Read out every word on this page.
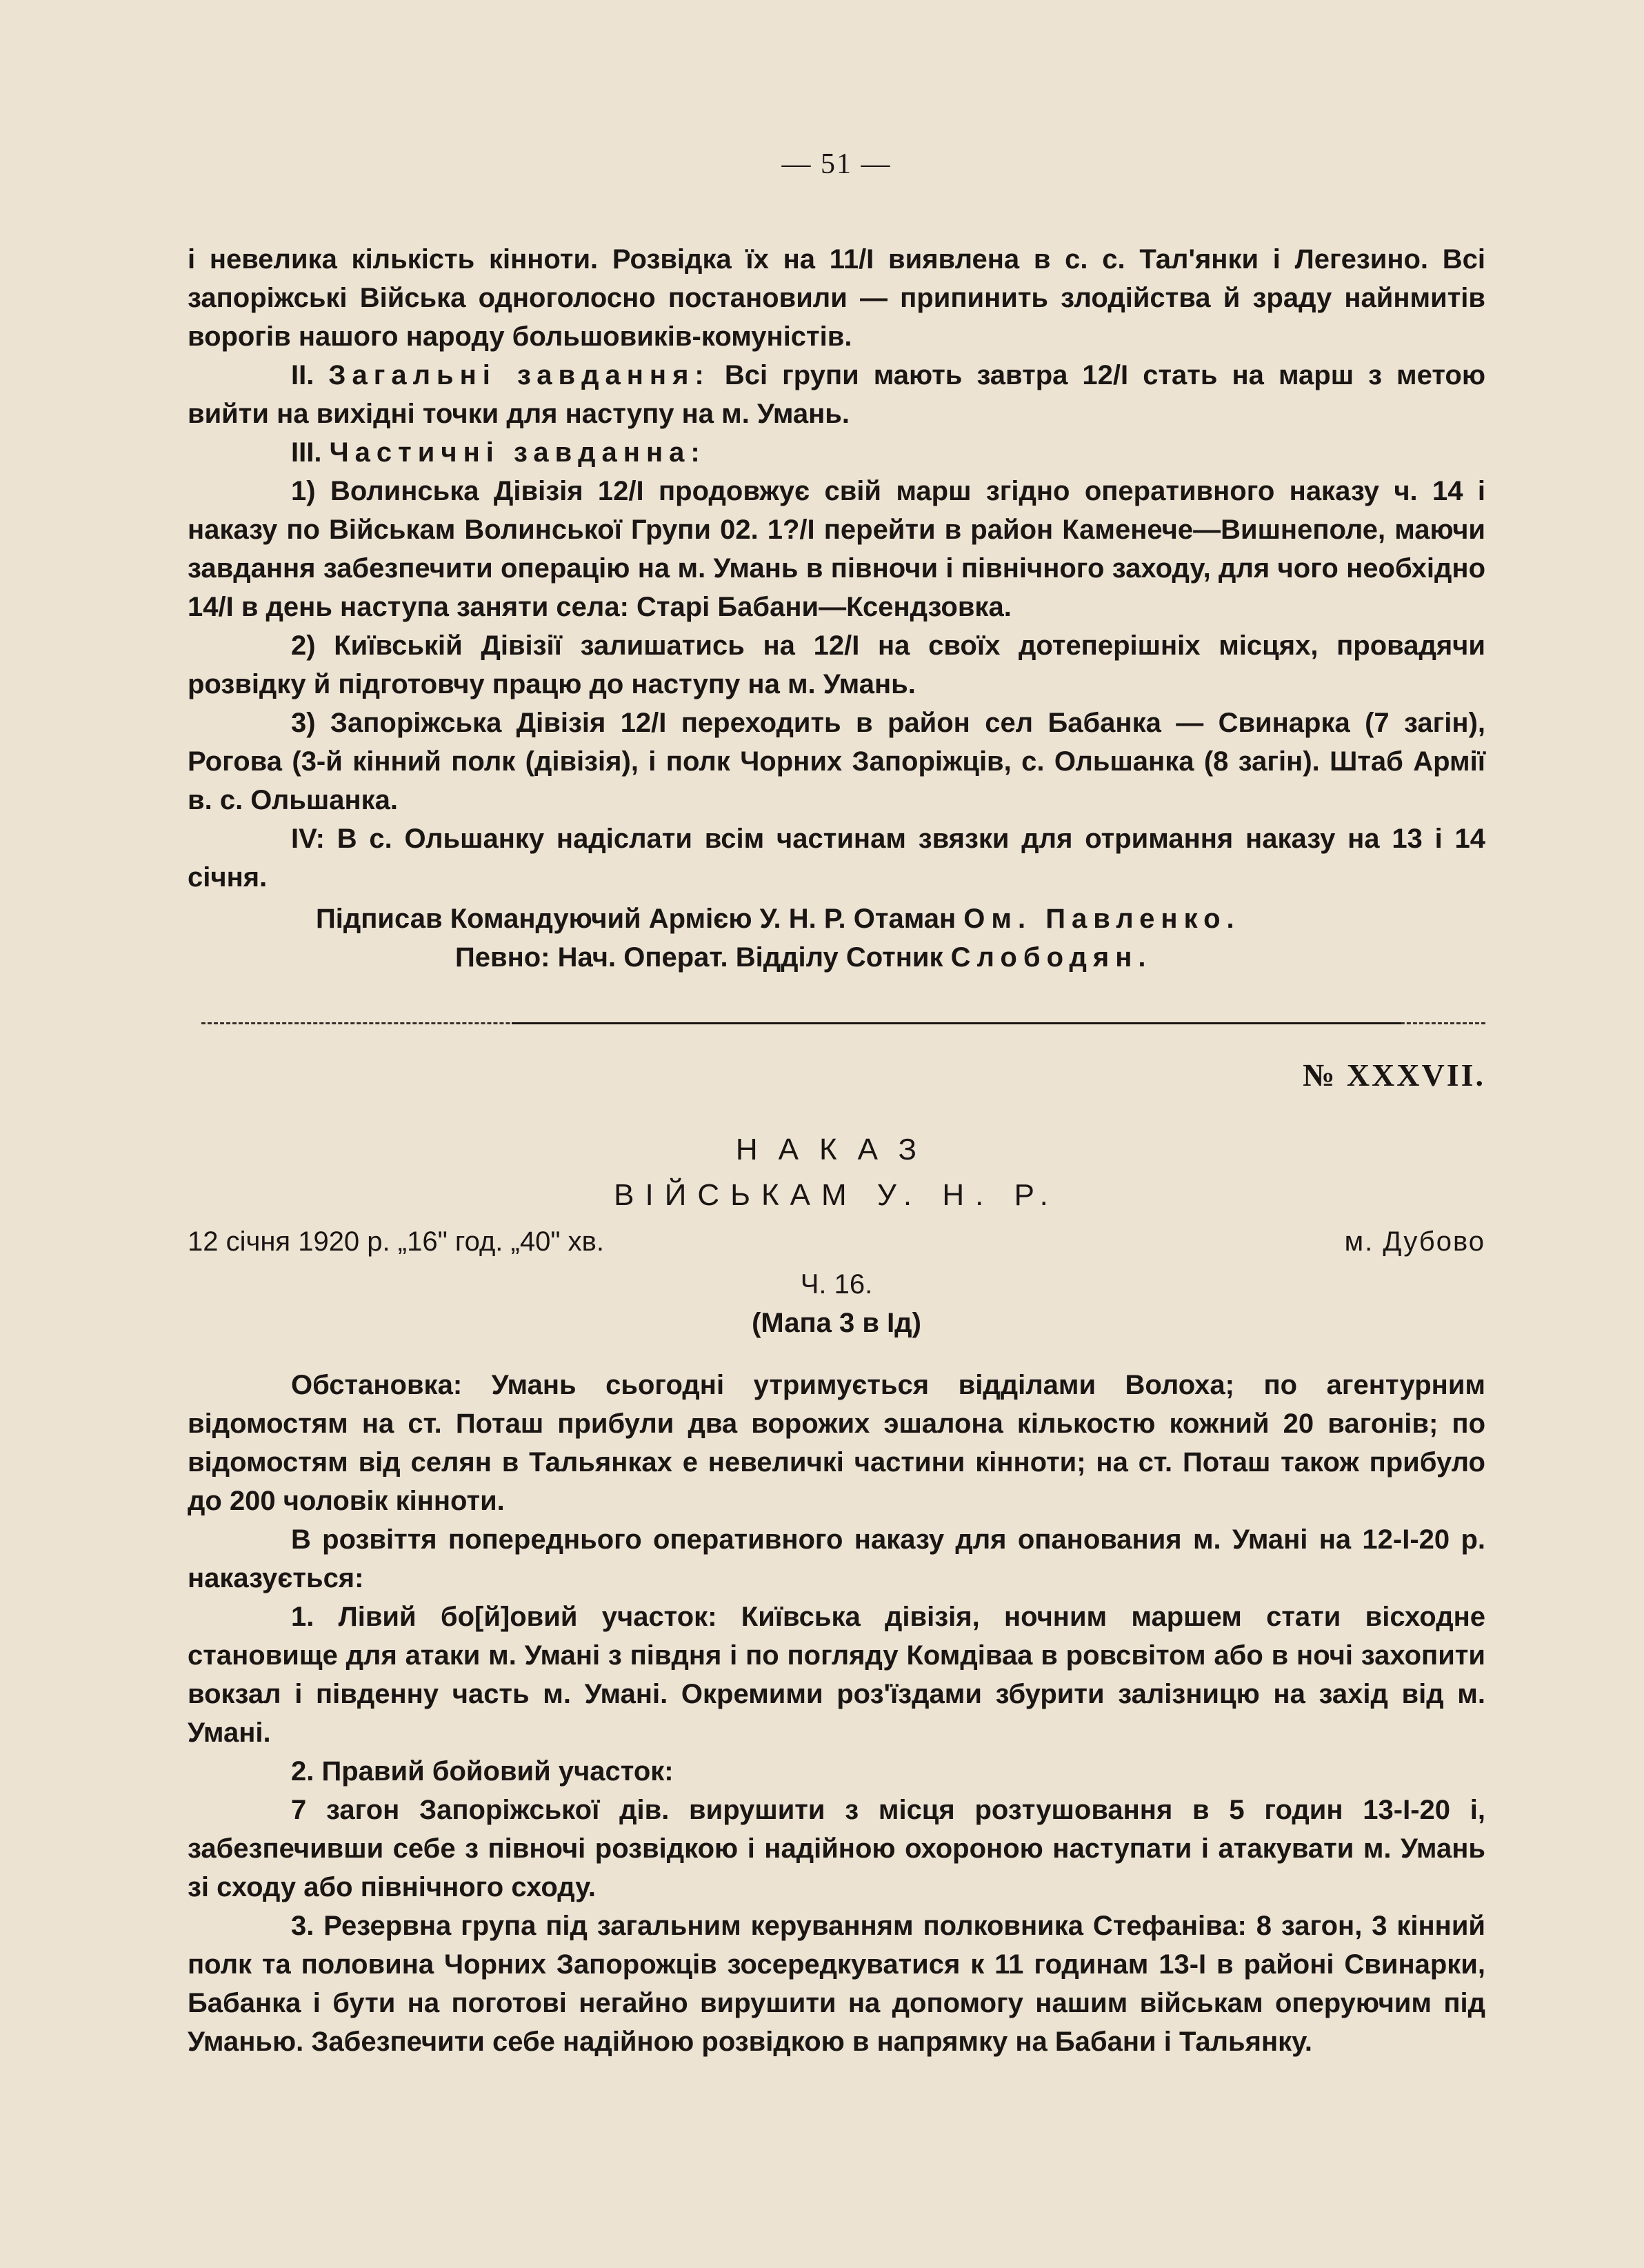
— 51 —

і невелика кількість кінноти. Розвідка їх на 11/I виявлена в с. с. Тал'янки і Легезино. Всі запоріжські Війська одноголосно постановили — припинить злодійства й зраду найнмитів ворогів нашого народу большовиків-комуністів.

II. Загальні завдання: Всі групи мають завтра 12/I стать на марш з метою вийти на вихідні точки для наступу на м. Умань.

III. Частичні завданна:

1) Волинська Дівізія 12/I продовжує свій марш згідно оперативного наказу ч. 14 і наказу по Військам Волинської Групи 02. 1?/I перейти в район Каменече—Вишнеполе, маючи завдання забезпечити операцію на м. Умань в півночи і північного заходу, для чого необхідно 14/I в день наступа заняти села: Старі Бабани—Ксендзовка.

2) Київській Дівізії залишатись на 12/I на своїх дотеперішніх місцях, провадячи розвідку й підготовчу працю до наступу на м. Умань.

3) Запоріжська Дівізія 12/I переходить в район сел Бабанка — Свинарка (7 загін), Рогова (3-й кінний полк (дівізія), і полк Чорних Запоріжців, с. Ольшанка (8 загін). Штаб Армії в. с. Ольшанка.

IV: В с. Ольшанку надіслати всім частинам звязки для отримання наказу на 13 і 14 січня.

Підписав Командуючий Армією У. Н. Р. Отаман Ом. Павленко.

Певно: Нач. Операт. Відділу Сотник Слободян.

№ XXXVII.
НАКАЗ
ВІЙСЬКАМ У. Н. Р.
12 січня 1920 р. „16" год. „40" хв.	м. Дубово
Ч. 16.
(Мапа 3 в Ід)

Обстановка: Умань сьогодні утримується відділами Волоха; по агентурним відомостям на ст. Поташ прибули два ворожих эшалона кількостю кожний 20 вагонів; по відомостям від селян в Тальянках е невеличкі частини кінноти; на ст. Поташ також прибуло до 200 чоловік кінноти.

В розвіття попереднього оперативного наказу для опанования м. Умані на 12-I-20 р. наказується:

1. Лівий бо[й]овий участок: Київська дівізія, ночним маршем стати вісходне становище для атаки м. Умані з півдня і по погляду Комдіваа в ровсвітом або в ночі захопити вокзал і південну часть м. Умані. Окремими роз'їздами збурити залізницю на захід від м. Умані.

2. Правий бойовий участок:

7 загон Запоріжської дів. вирушити з місця розтушовання в 5 годин 13-I-20 і, забезпечивши себе з півночі розвідкою і надійною охороною наступати і атакувати м. Умань зі сходу або північного сходу.

3. Резервна група під загальним керуванням полковника Стефаніва: 8 загон, 3 кінний полк та половина Чорних Запорожців зосередкуватися к 11 годинам 13-I в районі Свинарки, Бабанка і бути на поготові негайно вирушити на допомогу нашим військам оперуючим під Уманью. Забезпечити себе надійною розвідкою в напрямку на Бабани і Тальянку.
